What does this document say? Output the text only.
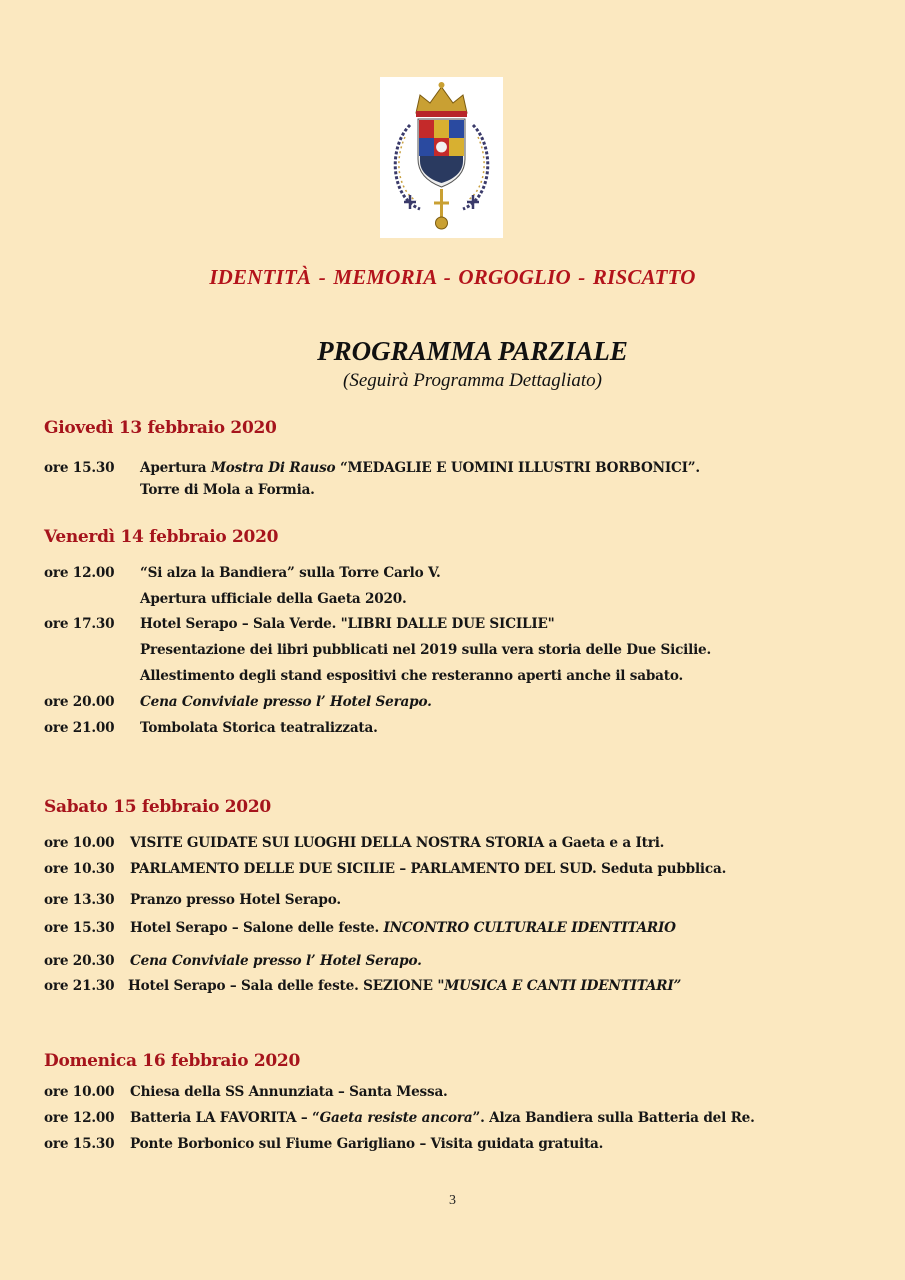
IDENTITÀ - MEMORIA - ORGOGLIO - RISCATTO
PROGRAMMA PARZIALE
(Seguirà Programma Dettagliato)
Giovedì 13 febbraio 2020
ore 15.30 Apertura Mostra Di Rauso “MEDAGLIE E UOMINI ILLUSTRI BORBONICI”.
Torre di Mola a Formia.
Venerdì 14 febbraio 2020
ore 12.00 “Si alza la Bandiera” sulla Torre Carlo V.
Apertura ufficiale della Gaeta 2020.
ore 17.30 Hotel Serapo – Sala Verde. "LIBRI DALLE DUE SICILIE"
Presentazione dei libri pubblicati nel 2019 sulla vera storia delle Due Sicilie.
Allestimento degli stand espositivi che resteranno aperti anche il sabato.
ore 20.00 Cena Conviviale presso l’ Hotel Serapo.
ore 21.00 Tombolata Storica teatralizzata.
Sabato 15 febbraio 2020
ore 10.00 VISITE GUIDATE SUI LUOGHI DELLA NOSTRA STORIA a Gaeta e a Itri.
ore 10.30 PARLAMENTO DELLE DUE SICILIE – PARLAMENTO DEL SUD. Seduta pubblica.
ore 13.30 Pranzo presso Hotel Serapo.
ore 15.30 Hotel Serapo – Salone delle feste. INCONTRO CULTURALE IDENTITARIO
ore 20.30 Cena Conviviale presso l’ Hotel Serapo.
ore 21.30 Hotel Serapo – Sala delle feste. SEZIONE "MUSICA E CANTI IDENTITARI”
Domenica 16 febbraio 2020
ore 10.00 Chiesa della SS Annunziata – Santa Messa.
ore 12.00 Batteria LA FAVORITA – “Gaeta resiste ancora”. Alza Bandiera sulla Batteria del Re.
ore 15.30 Ponte Borbonico sul Fiume Garigliano – Visita guidata gratuita.
3
